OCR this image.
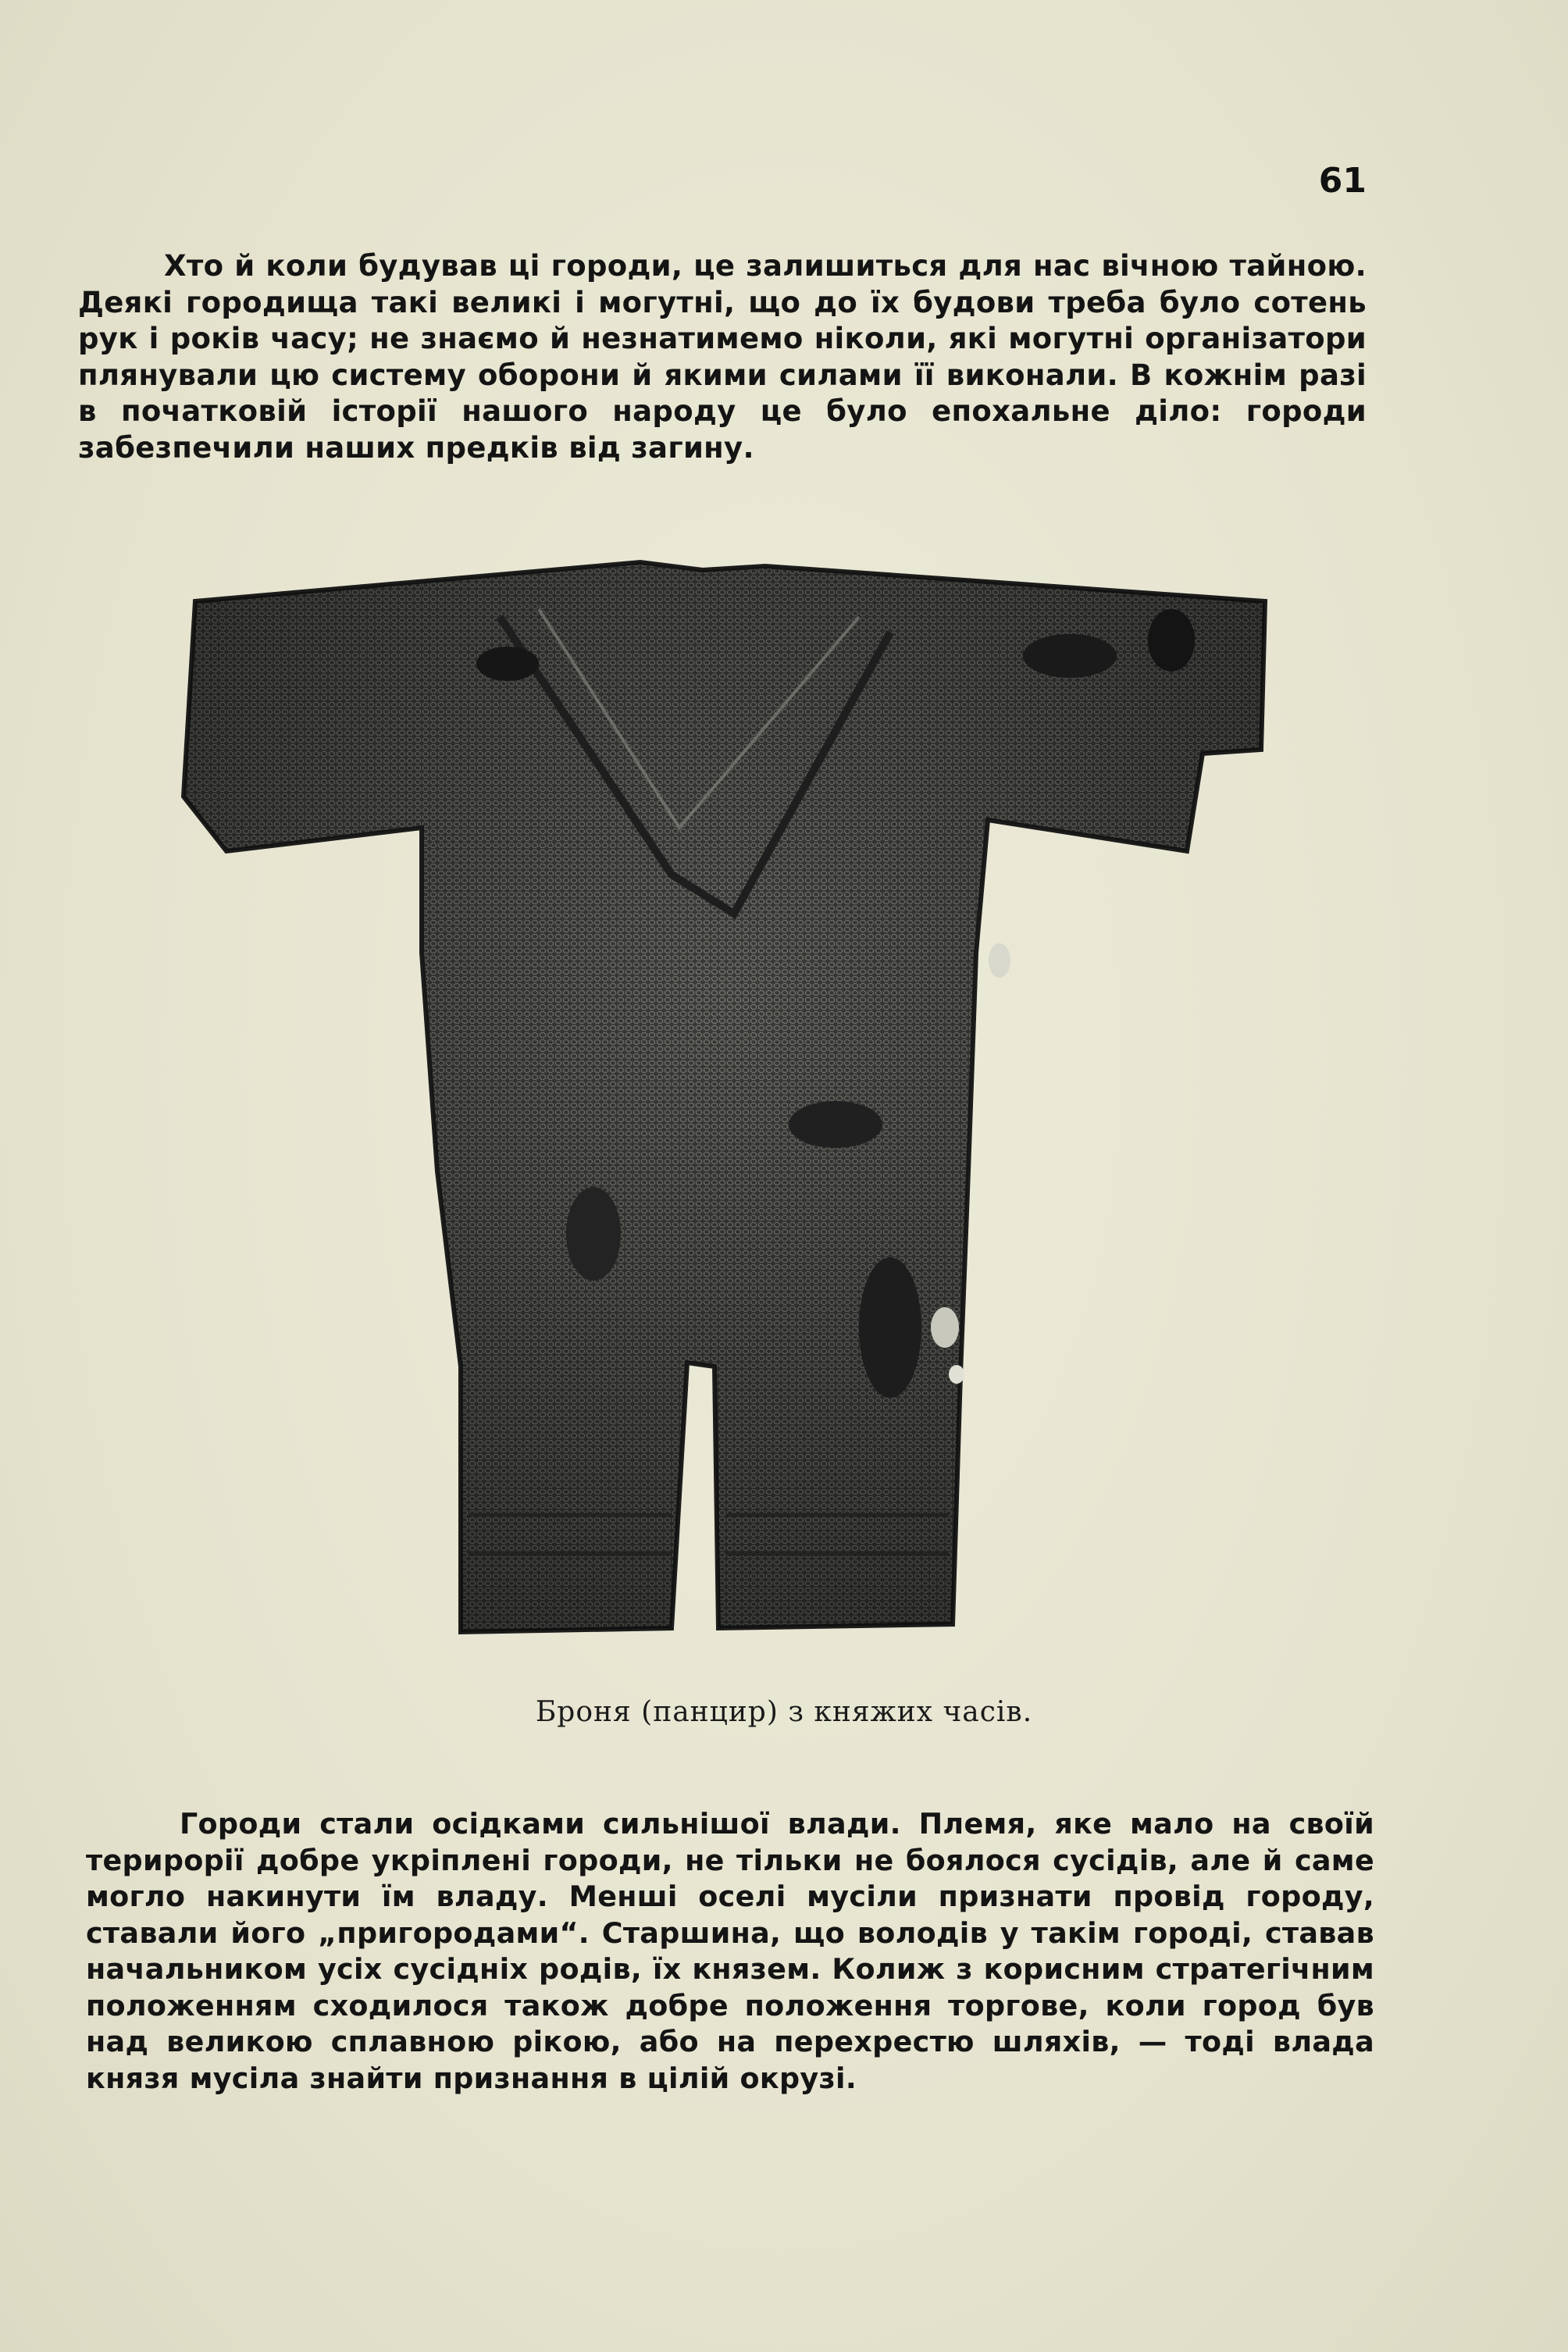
61

Хто й коли будував ці городи, це залишиться для нас вічною тайною. Деякі городища такі великі і могутні, що до їх будови треба було сотень рук і років часу; не знаємо й незнатимемо ніколи, які могутні організатори плянували цю систему оборони й якими силами її виконали. В кожнім разі в початковій історії нашого народу це було епохальне діло: городи забезпечили наших предків від загину.

Броня (панцир) з княжих часів.

Городи стали осідками сильнішої влади. Племя, яке мало на своїй терирорії добре укріплені городи, не тільки не боялося сусідів, але й саме могло накинути їм владу. Менші оселі мусіли признати провід городу, ставали його „пригородами“. Старшина, що володів у такім городі, ставав начальником усіх сусідніх родів, їх князем. Колиж з корисним стратегічним положенням сходилося також добре положення торгове, коли город був над великою сплавною рікою, або на перехрестю шляхів, — тоді влада князя мусіла знайти признання в цілій окрузі.
